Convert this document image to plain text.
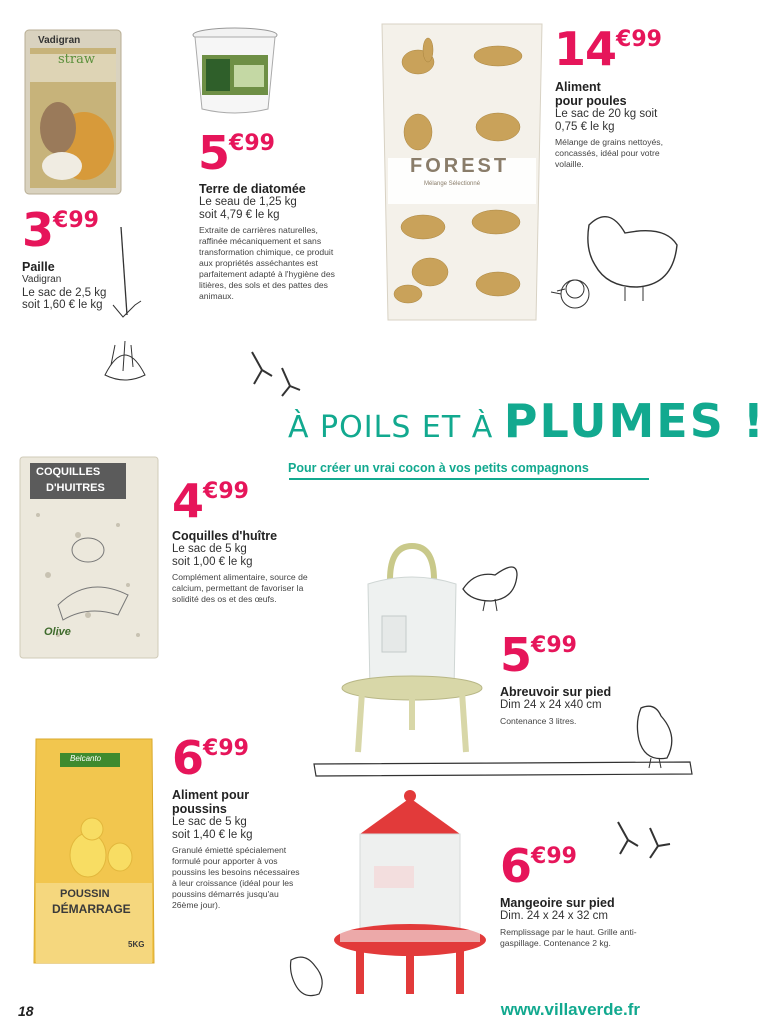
Vadigran
straw
FOREST
Mélange Sélectionné
COQUILLES
D'HUITRES
Olive
Belcanto
POUSSIN
DÉMARRAGE
5KG
3€99
Paille
Vadigran
Le sac de 2,5 kg
soit 1,60 € le kg
5€99
Terre de diatomée
Le seau de 1,25 kg
soit 4,79 € le kg
Extraite de carrières naturelles, raffinée mécaniquement et sans transformation chimique, ce produit aux propriétés asséchantes est parfaitement adapté à l'hygiène des litières, des sols et des pattes des animaux.
14€99
Aliment
pour poules
Le sac de 20 kg soit
0,75 € le kg
Mélange de grains nettoyés, concassés, idéal pour votre volaille.
À POILS ET À PLUMES !
Pour créer un vrai cocon à vos petits compagnons
4€99
Coquilles d'huître
Le sac de 5 kg
soit 1,00 € le kg
Complément alimentaire, source de calcium, permettant de favoriser la solidité des os et des œufs.
5€99
Abreuvoir sur pied
Dim 24 x 24 x40 cm
Contenance 3 litres.
6€99
Aliment pour
poussins
Le sac de 5 kg
soit 1,40 € le kg
Granulé émietté spécialement formulé pour apporter à vos poussins les besoins nécessaires à leur croissance (idéal pour les poussins démarrés jusqu'au 26ème jour).
6€99
Mangeoire sur pied
Dim. 24 x 24 x 32 cm
Remplissage par le haut. Grille anti-gaspillage. Contenance 2 kg.
18	www.villaverde.fr
